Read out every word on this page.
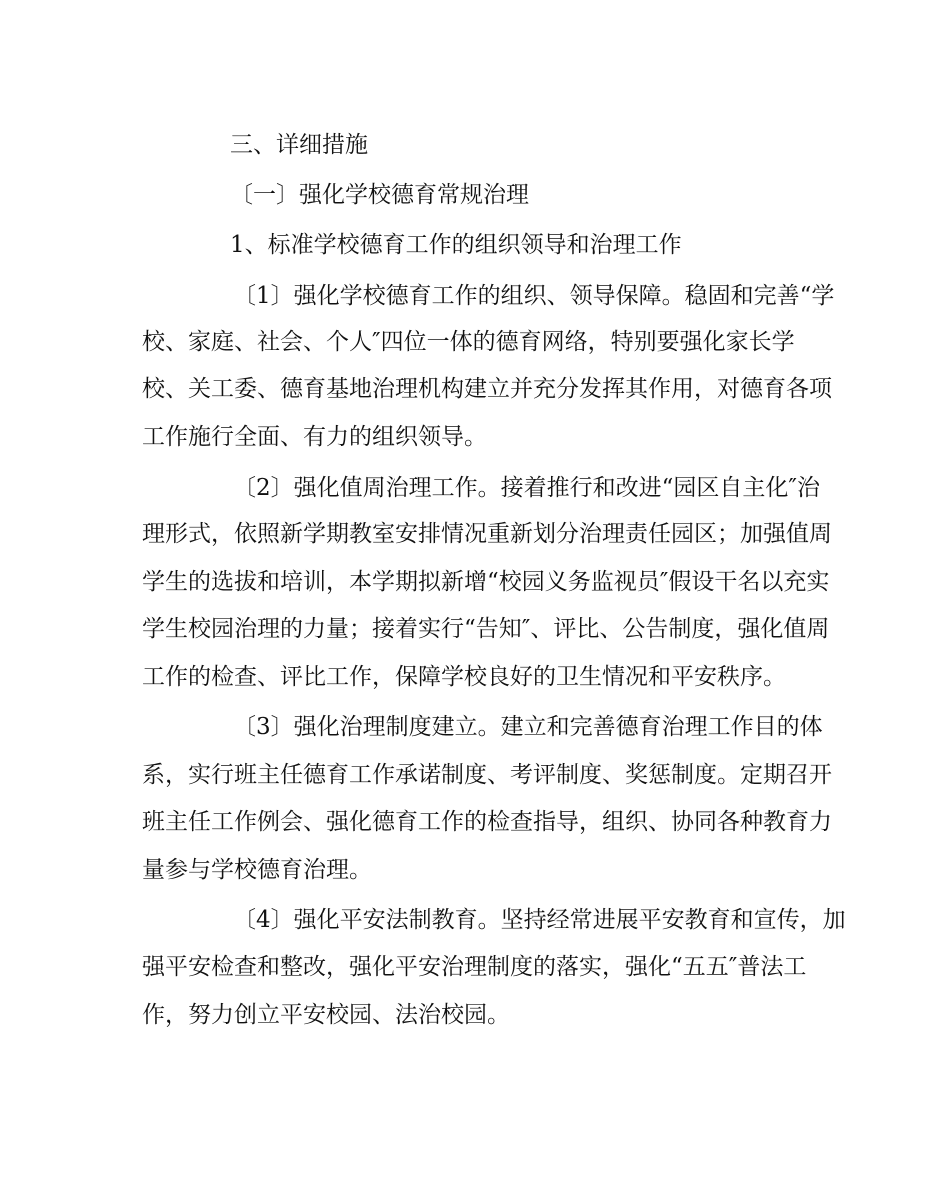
三、详细措施
〔一〕强化学校德育常规治理
1、标准学校德育工作的组织领导和治理工作
〔1〕强化学校德育工作的组织、领导保障。稳固和完善“学
校、家庭、社会、个人″四位一体的德育网络，特别要强化家长学
校、关工委、德育基地治理机构建立并充分发挥其作用，对德育各项
工作施行全面、有力的组织领导。
〔2〕强化值周治理工作。接着推行和改进“园区自主化″治
理形式，依照新学期教室安排情况重新划分治理责任园区；加强值周
学生的选拔和培训，本学期拟新增“校园义务监视员″假设干名以充实
学生校园治理的力量；接着实行“告知″、评比、公告制度，强化值周
工作的检查、评比工作，保障学校良好的卫生情况和平安秩序。
〔3〕强化治理制度建立。建立和完善德育治理工作目的体
系，实行班主任德育工作承诺制度、考评制度、奖惩制度。定期召开
班主任工作例会、强化德育工作的检查指导，组织、协同各种教育力
量参与学校德育治理。
〔4〕强化平安法制教育。坚持经常进展平安教育和宣传，加
强平安检查和整改，强化平安治理制度的落实，强化“五五″普法工
作，努力创立平安校园、法治校园。
